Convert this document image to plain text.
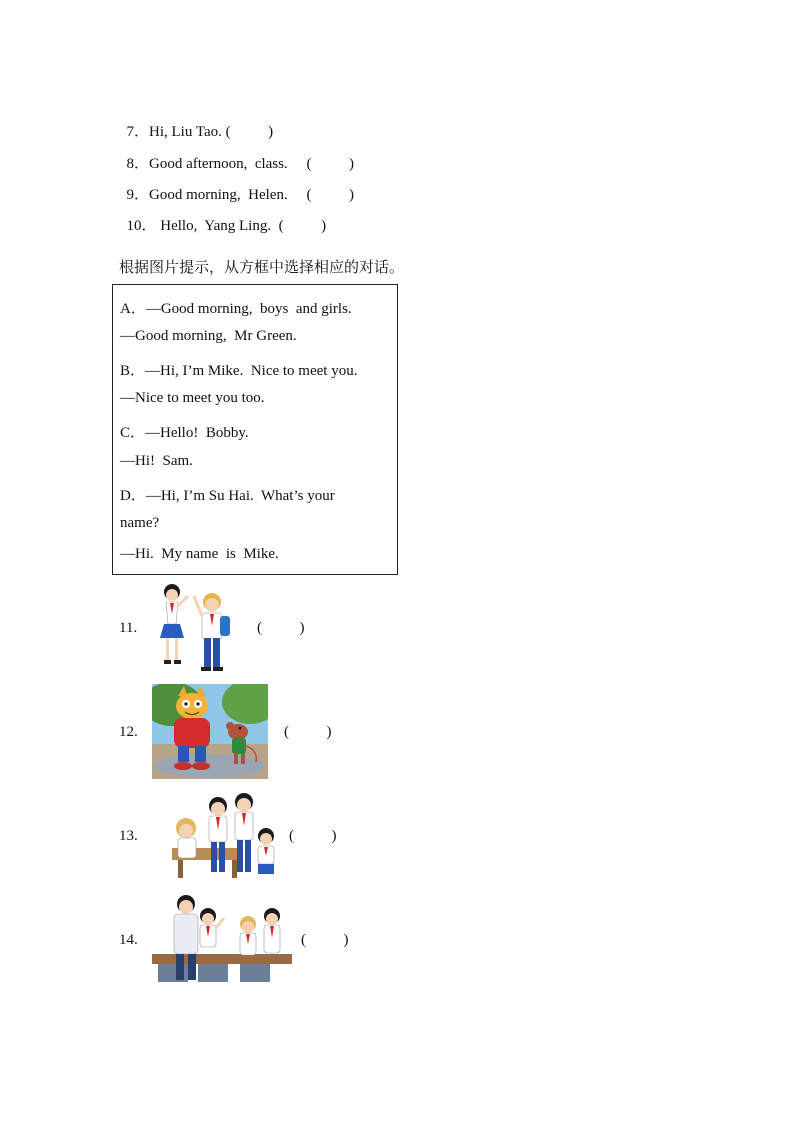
7．Hi, Liu Tao. (          )

8．Good afternoon,  class.     (          )

9．Good morning,  Helen.     (          )

10． Hello,  Yang Ling.  (          )

根据图片提示，从方框中选择相应的对话。
A．—Good morning,  boys  and girls.
—Good morning,  Mr Green.
B．—Hi, I’m Mike.  Nice to meet you.
—Nice to meet you too.
C．—Hello!  Bobby.
—Hi!  Sam.
D．—Hi, I’m Su Hai.  What’s your
name?
—Hi.  My name  is  Mike.
11.	(          )
12.	(          )
13.	(          )
14.	(          )
